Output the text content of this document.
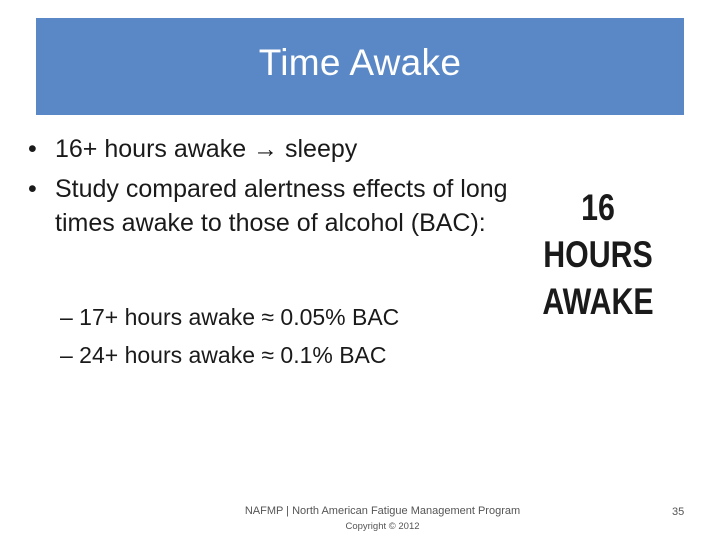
Time Awake
• 16+ hours awake → sleepy
• Study compared alertness effects of long times awake to those of alcohol (BAC):
– 17+ hours awake ≈ 0.05% BAC
– 24+ hours awake ≈ 0.1% BAC
16 HOURS
AWAKE
NAFMP | North American Fatigue Management Program
Copyright © 2012
35
